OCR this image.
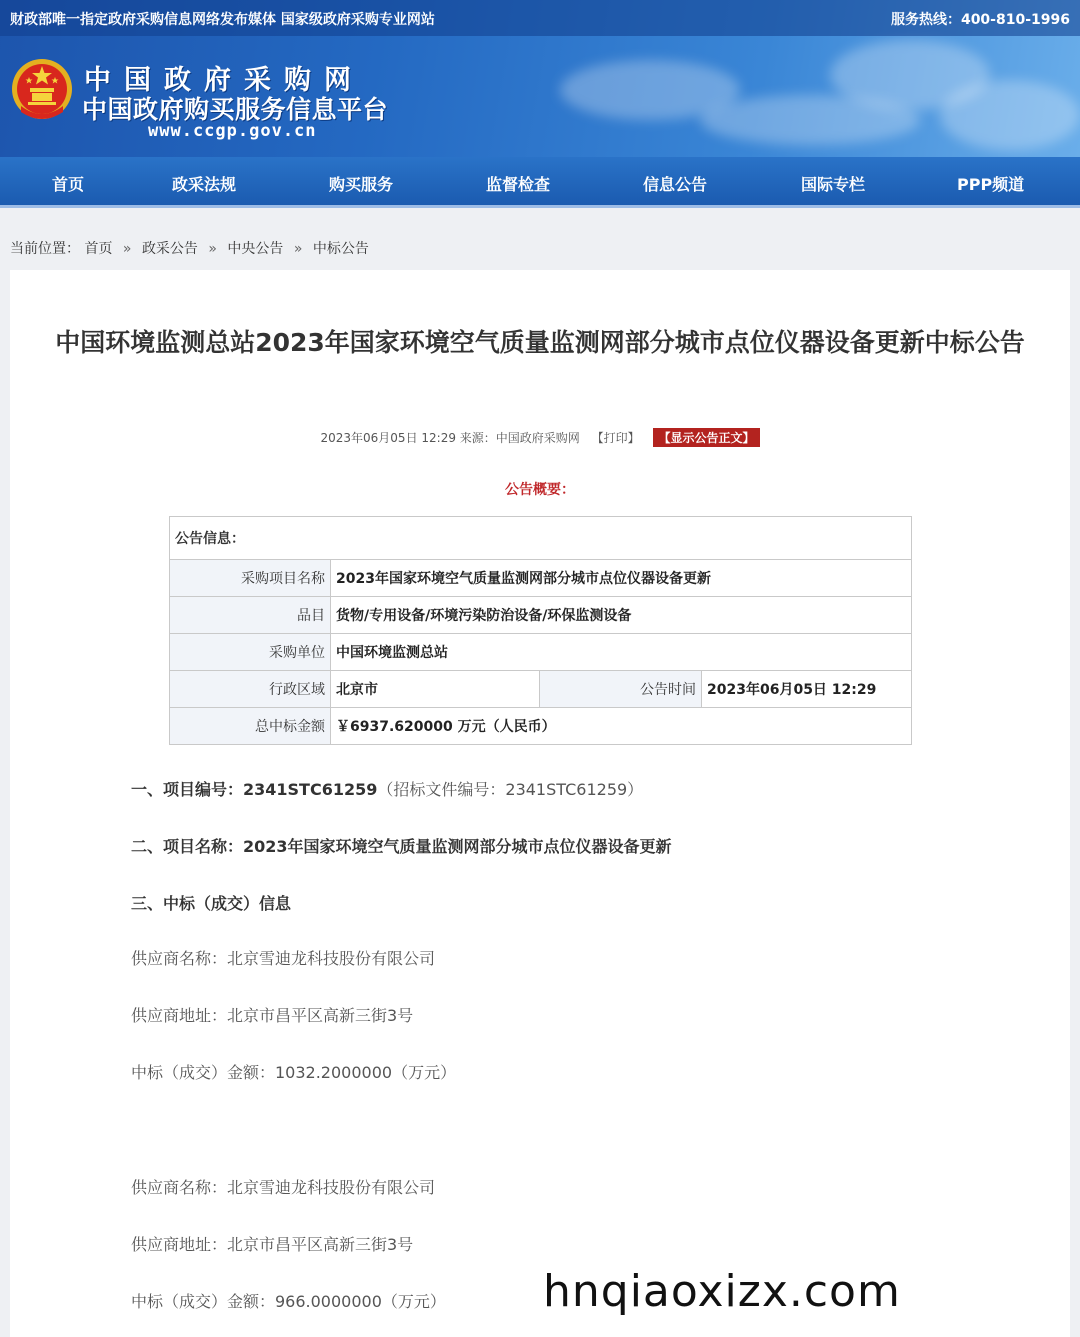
财政部唯一指定政府采购信息网络发布媒体 国家级政府采购专业网站	服务热线：400-810-1996
中国政府采购网
中国政府购买服务信息平台
www.ccgp.gov.cn
首页	政采法规	购买服务	监督检查	信息公告	国际专栏	PPP频道
当前位置： 首页 » 政采公告 » 中央公告 » 中标公告
中国环境监测总站2023年国家环境空气质量监测网部分城市点位仪器设备更新中标公告
2023年06月05日 12:29 来源：中国政府采购网 【打印】 【显示公告正文】
公告概要：
公告信息：			
采购项目名称	2023年国家环境空气质量监测网部分城市点位仪器设备更新		
品目	货物/专用设备/环境污染防治设备/环保监测设备		
采购单位	中国环境监测总站		
行政区域	北京市	公告时间	2023年06月05日 12:29
总中标金额	￥6937.620000 万元（人民币）		
一、项目编号：2341STC61259（招标文件编号：2341STC61259）
二、项目名称：2023年国家环境空气质量监测网部分城市点位仪器设备更新
三、中标（成交）信息
供应商名称：北京雪迪龙科技股份有限公司
供应商地址：北京市昌平区高新三街3号
中标（成交）金额：1032.2000000（万元）
供应商名称：北京雪迪龙科技股份有限公司
供应商地址：北京市昌平区高新三街3号
中标（成交）金额：966.0000000（万元） hnqiaoxizx.com
